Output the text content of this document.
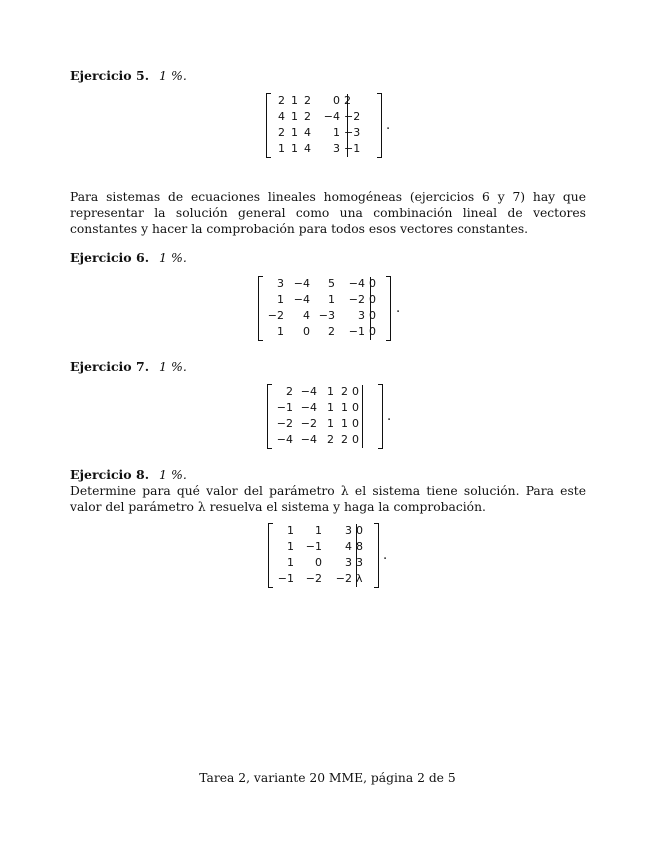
Ejercicio 5. 1 %.
2	1	2	0	2
4	1	2	−4	−2
2	1	4	1	−3
1	1	4	3	−1
.
Para sistemas de ecuaciones lineales homogéneas (ejercicios 6 y 7) hay que representar la solución general como una combinación lineal de vectores constantes y hacer la comprobación para todos esos vectores constantes.
Ejercicio 6. 1 %.
3	−4	5	−4	0
1	−4	1	−2	0
−2	4	−3	3	0
1	0	2	−1	0
.
Ejercicio 7. 1 %.
2	−4	1	2	0
−1	−4	1	1	0
−2	−2	1	1	0
−4	−4	2	2	0
.
Ejercicio 8. 1 %.
Determine para qué valor del parámetro λ el sistema tiene solución. Para este valor del parámetro λ resuelva el sistema y haga la comprobación.
1	1	3	0
1	−1	4	8
1	0	3	3
−1	−2	−2	λ
.
Tarea 2, variante 20 MME, página 2 de 5
